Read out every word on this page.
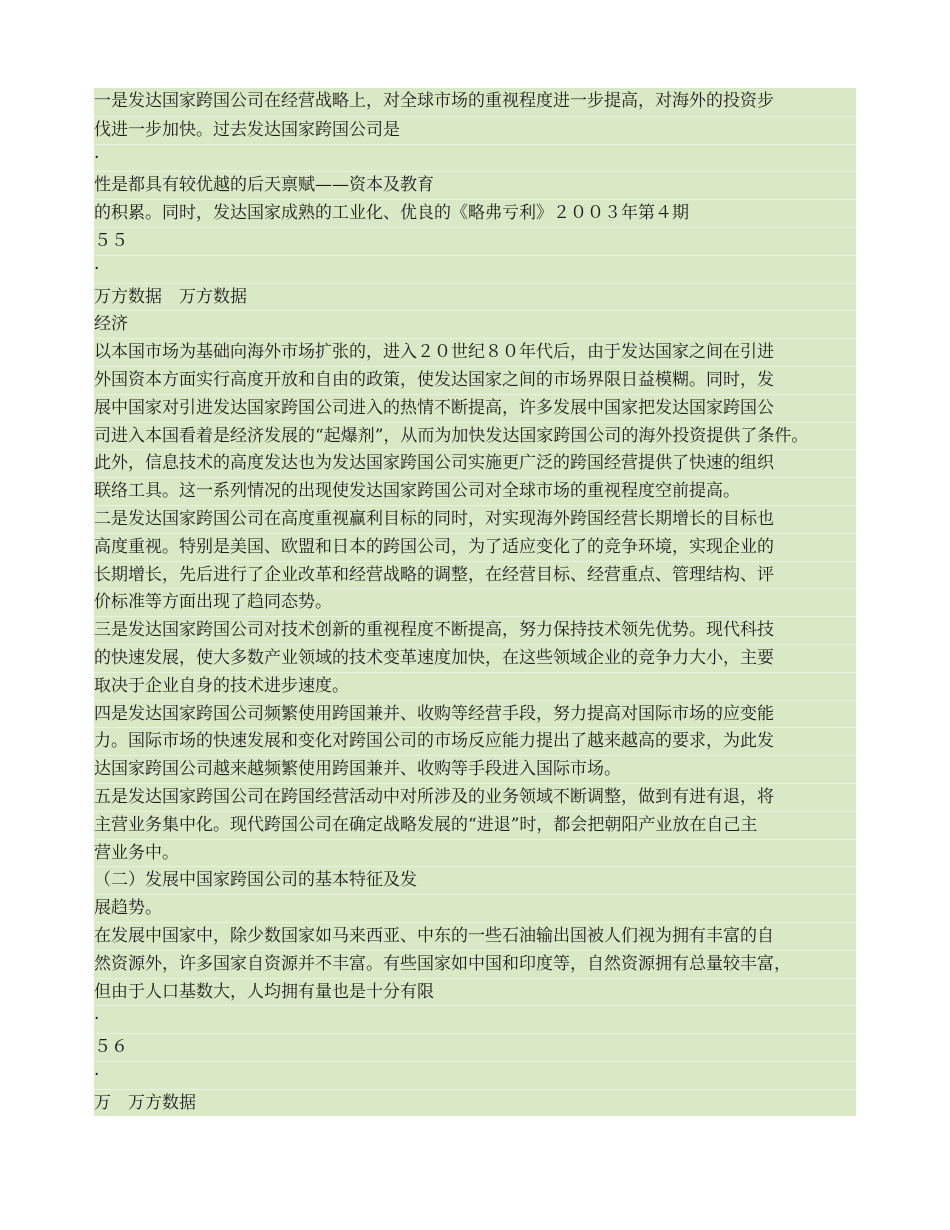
一是发达国家跨国公司在经营战略上，对全球市场的重视程度进一步提高，对海外的投资步
伐进一步加快。过去发达国家跨国公司是
·
性是都具有较优越的后天禀赋——资本及教育
的积累。同时，发达国家成熟的工业化、优良的《略弗亏利》２００３年第４期
５５
·
万方数据　万方数据
经济
以本国市场为基础向海外市场扩张的，进入２０世纪８０年代后，由于发达国家之间在引进
外国资本方面实行高度开放和自由的政策，使发达国家之间的市场界限日益模糊。同时，发
展中国家对引进发达国家跨国公司进入的热情不断提高，许多发展中国家把发达国家跨国公
司进入本国看着是经济发展的“起爆剂”，从而为加快发达国家跨国公司的海外投资提供了条件。
此外，信息技术的高度发达也为发达国家跨国公司实施更广泛的跨国经营提供了快速的组织
联络工具。这一系列情况的出现使发达国家跨国公司对全球市场的重视程度空前提高。
二是发达国家跨国公司在高度重视赢利目标的同时，对实现海外跨国经营长期增长的目标也
高度重视。特别是美国、欧盟和日本的跨国公司，为了适应变化了的竞争环境，实现企业的
长期增长，先后进行了企业改革和经营战略的调整，在经营目标、经营重点、管理结构、评
价标准等方面出现了趋同态势。
三是发达国家跨国公司对技术创新的重视程度不断提高，努力保持技术领先优势。现代科技
的快速发展，使大多数产业领域的技术变革速度加快，在这些领域企业的竞争力大小，主要
取决于企业自身的技术进步速度。
四是发达国家跨国公司频繁使用跨国兼并、收购等经营手段，努力提高对国际市场的应变能
力。国际市场的快速发展和变化对跨国公司的市场反应能力提出了越来越高的要求，为此发
达国家跨国公司越来越频繁使用跨国兼并、收购等手段进入国际市场。
五是发达国家跨国公司在跨国经营活动中对所涉及的业务领域不断调整，做到有进有退，将
主营业务集中化。现代跨国公司在确定战略发展的“进退”时，都会把朝阳产业放在自己主
营业务中。
（二）发展中国家跨国公司的基本特征及发
展趋势。
在发展中国家中，除少数国家如马来西亚、中东的一些石油输出国被人们视为拥有丰富的自
然资源外，许多国家自资源并不丰富。有些国家如中国和印度等，自然资源拥有总量较丰富，
但由于人口基数大，人均拥有量也是十分有限
·
５６
·
万　万方数据
